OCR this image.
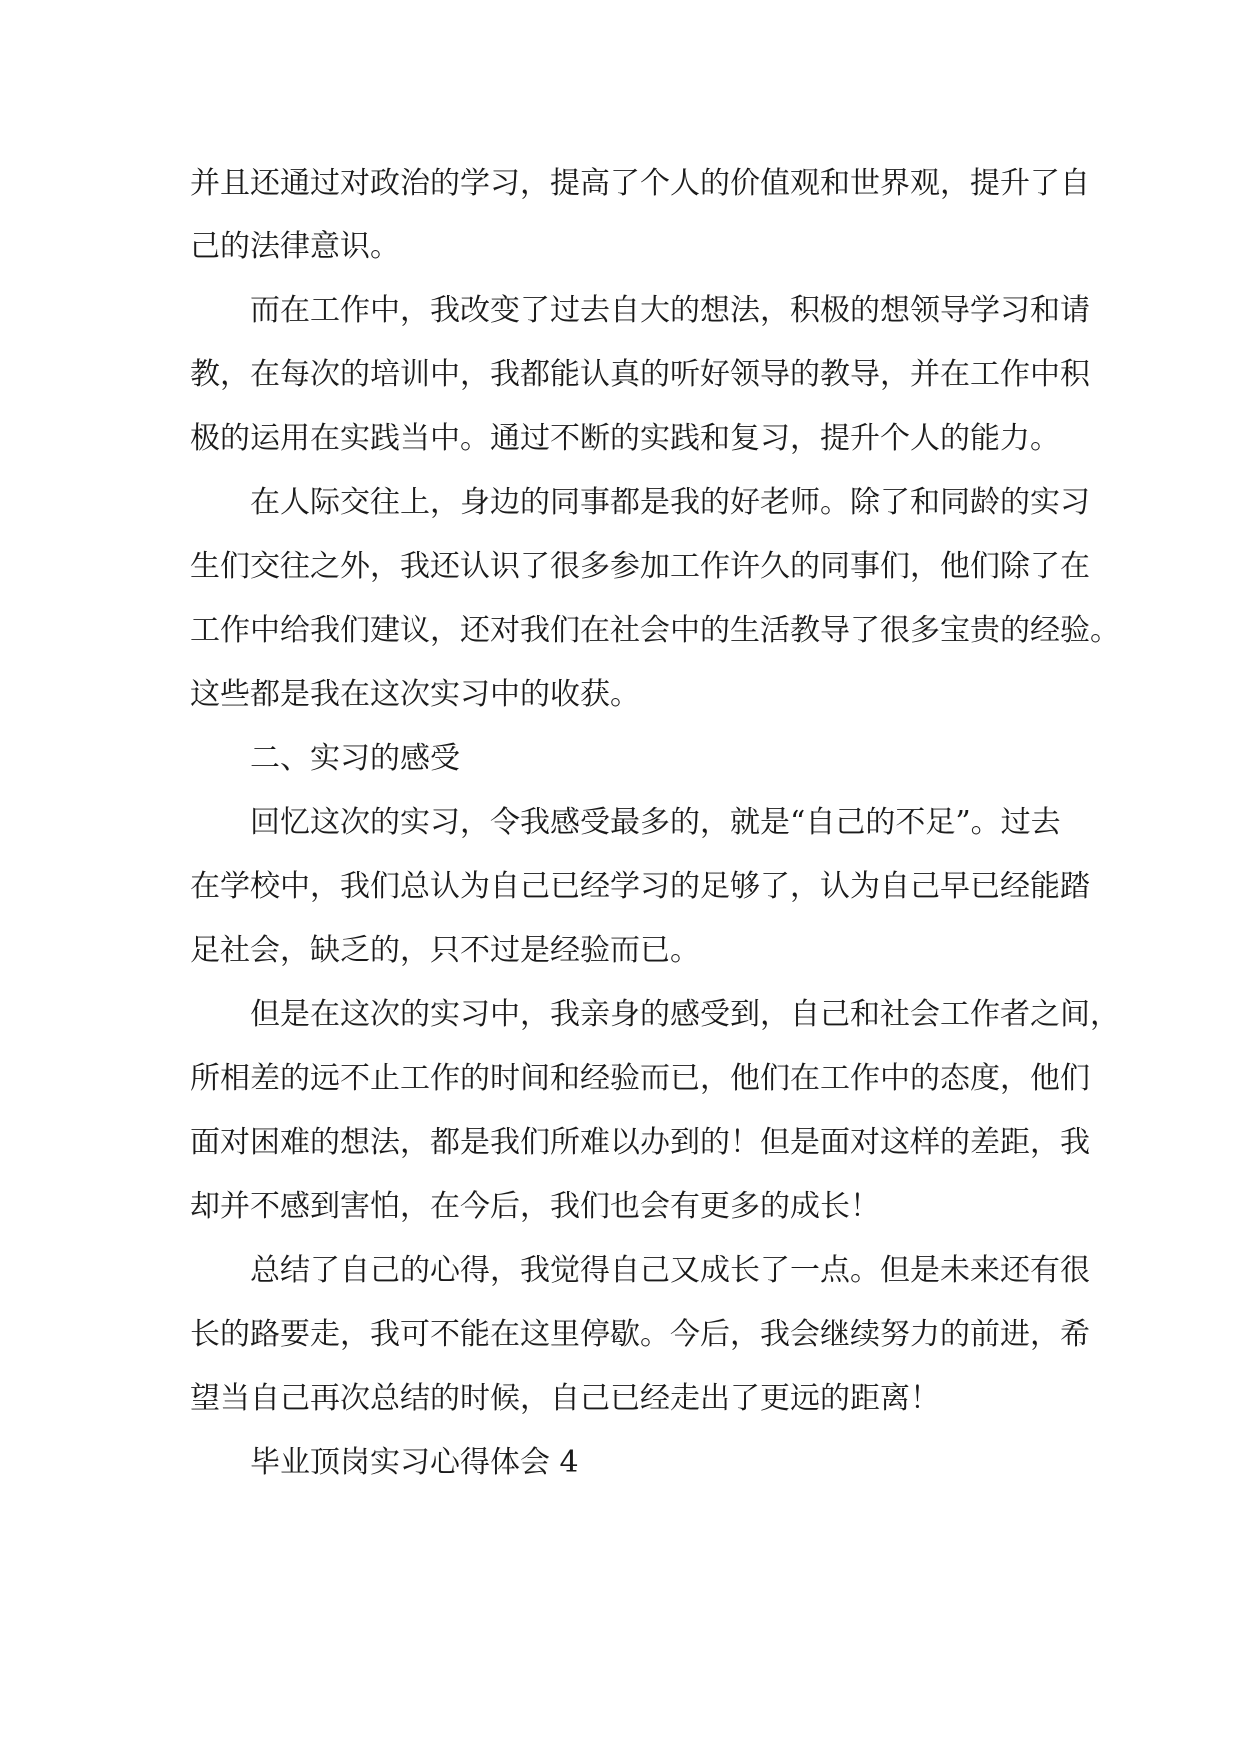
并且还通过对政治的学习，提高了个人的价值观和世界观，提升了自
己的法律意识。
而在工作中，我改变了过去自大的想法，积极的想领导学习和请
教，在每次的培训中，我都能认真的听好领导的教导，并在工作中积
极的运用在实践当中。通过不断的实践和复习，提升个人的能力。
在人际交往上，身边的同事都是我的好老师。除了和同龄的实习
生们交往之外，我还认识了很多参加工作许久的同事们，他们除了在
工作中给我们建议，还对我们在社会中的生活教导了很多宝贵的经验。
这些都是我在这次实习中的收获。
二、实习的感受
回忆这次的实习，令我感受最多的，就是“自己的不足”。过去
在学校中，我们总认为自己已经学习的足够了，认为自己早已经能踏
足社会，缺乏的，只不过是经验而已。
但是在这次的实习中，我亲身的感受到，自己和社会工作者之间，
所相差的远不止工作的时间和经验而已，他们在工作中的态度，他们
面对困难的想法，都是我们所难以办到的！但是面对这样的差距，我
却并不感到害怕，在今后，我们也会有更多的成长！
总结了自己的心得，我觉得自己又成长了一点。但是未来还有很
长的路要走，我可不能在这里停歇。今后，我会继续努力的前进，希
望当自己再次总结的时候，自己已经走出了更远的距离！
毕业顶岗实习心得体会 4
